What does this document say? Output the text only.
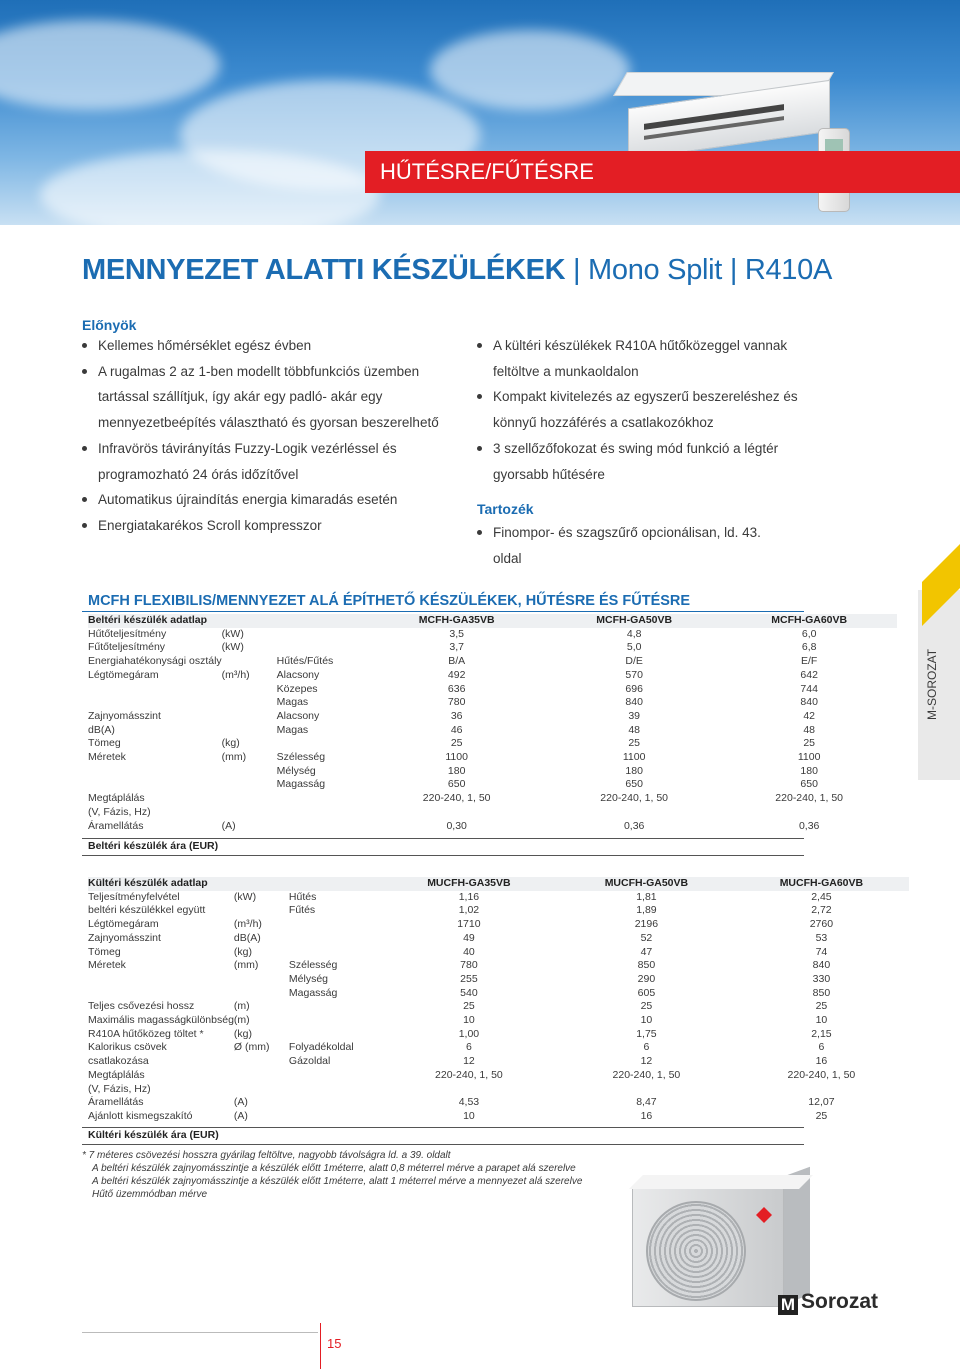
HŰTÉSRE/FŰTÉSRE
MENNYEZET ALATTI KÉSZÜLÉKEK | Mono Split | R410A
Előnyök
Kellemes hőmérséklet egész évben
A rugalmas 2 az 1-ben modellt többfunkciós üzemben tartással szállítjuk, így akár egy padló- akár egy mennyezetbeépítés választható és gyorsan beszerelhető
Infravörös távirányítás Fuzzy-Logik vezérléssel és programozható 24 órás időzítővel
Automatikus újraindítás energia kimaradás esetén
Energiatakarékos Scroll kompresszor
A kültéri készülékek R410A hűtőközeggel vannak feltöltve a munkaoldalon
Kompakt kivitelezés az egyszerű beszereléshez és könnyű hozzáférés a csatlakozókhoz
3 szellőzőfokozat és swing mód funkció a légtér gyorsabb hűtésére
Tartozék
Finompor- és szagszűrő opcionálisan, ld. 43. oldal
MCFH FLEXIBILIS/MENNYEZET ALÁ ÉPÍTHETŐ KÉSZÜLÉKEK, HŰTÉSRE ÉS FŰTÉSRE
M-SOROZAT
Beltéri készülék adatlap			MCFH-GA35VB	MCFH-GA50VB	MCFH-GA60VB
Hűtőteljesítmény	(kW)		3,5	4,8	6,0
Fűtőteljesítmény	(kW)		3,7	5,0	6,8
Energiahatékonysági osztály		Hűtés/Fűtés	B/A	D/E	E/F
Légtömegáram	(m³/h)	Alacsony	492	570	642
		Közepes	636	696	744
		Magas	780	840	840
Zajnyomásszint		Alacsony	36	39	42
dB(A)		Magas	46	48	48
Tömeg	(kg)		25	25	25
Méretek	(mm)	Szélesség	1100	1100	1100
		Mélység	180	180	180
		Magasság	650	650	650
Megtáplálás			220-240, 1, 50	220-240, 1, 50	220-240, 1, 50
(V, Fázis, Hz)					
Áramellátás	(A)		0,30	0,36	0,36
Beltéri készülék ára (EUR)
Kültéri készülék adatlap			MUCFH-GA35VB	MUCFH-GA50VB	MUCFH-GA60VB
Teljesítményfelvétel	(kW)	Hűtés	1,16	1,81	2,45
beltéri készülékkel együtt		Fűtés	1,02	1,89	2,72
Légtömegáram	(m³/h)		1710	2196	2760
Zajnyomásszint	dB(A)		49	52	53
Tömeg	(kg)		40	47	74
Méretek	(mm)	Szélesség	780	850	840
		Mélység	255	290	330
		Magasság	540	605	850
Teljes csővezési hossz	(m)		25	25	25
Maximális magasságkülönbség	(m)		10	10	10
R410A hűtőközeg töltet *	(kg)		1,00	1,75	2,15
Kalorikus csövek	Ø (mm)	Folyadékoldal	6	6	6
csatlakozása		Gázoldal	12	12	16
Megtáplálás			220-240, 1, 50	220-240, 1, 50	220-240, 1, 50
(V, Fázis, Hz)					
Áramellátás	(A)		4,53	8,47	12,07
Ajánlott kismegszakító	(A)		10	16	25
Kültéri készülék ára (EUR)
* 7 méteres csövezési hosszra gyárilag feltöltve, nagyobb távolságra ld. a 39. oldalt
A beltéri készülék zajnyomásszintje a készülék előtt 1méterre, alatt 0,8 méterrel mérve a parapet alá szerelve
A beltéri készülék zajnyomásszintje a készülék előtt 1méterre, alatt 1 méterrel mérve a mennyezet alá szerelve
Hűtő üzemmódban mérve
M Sorozat
15
